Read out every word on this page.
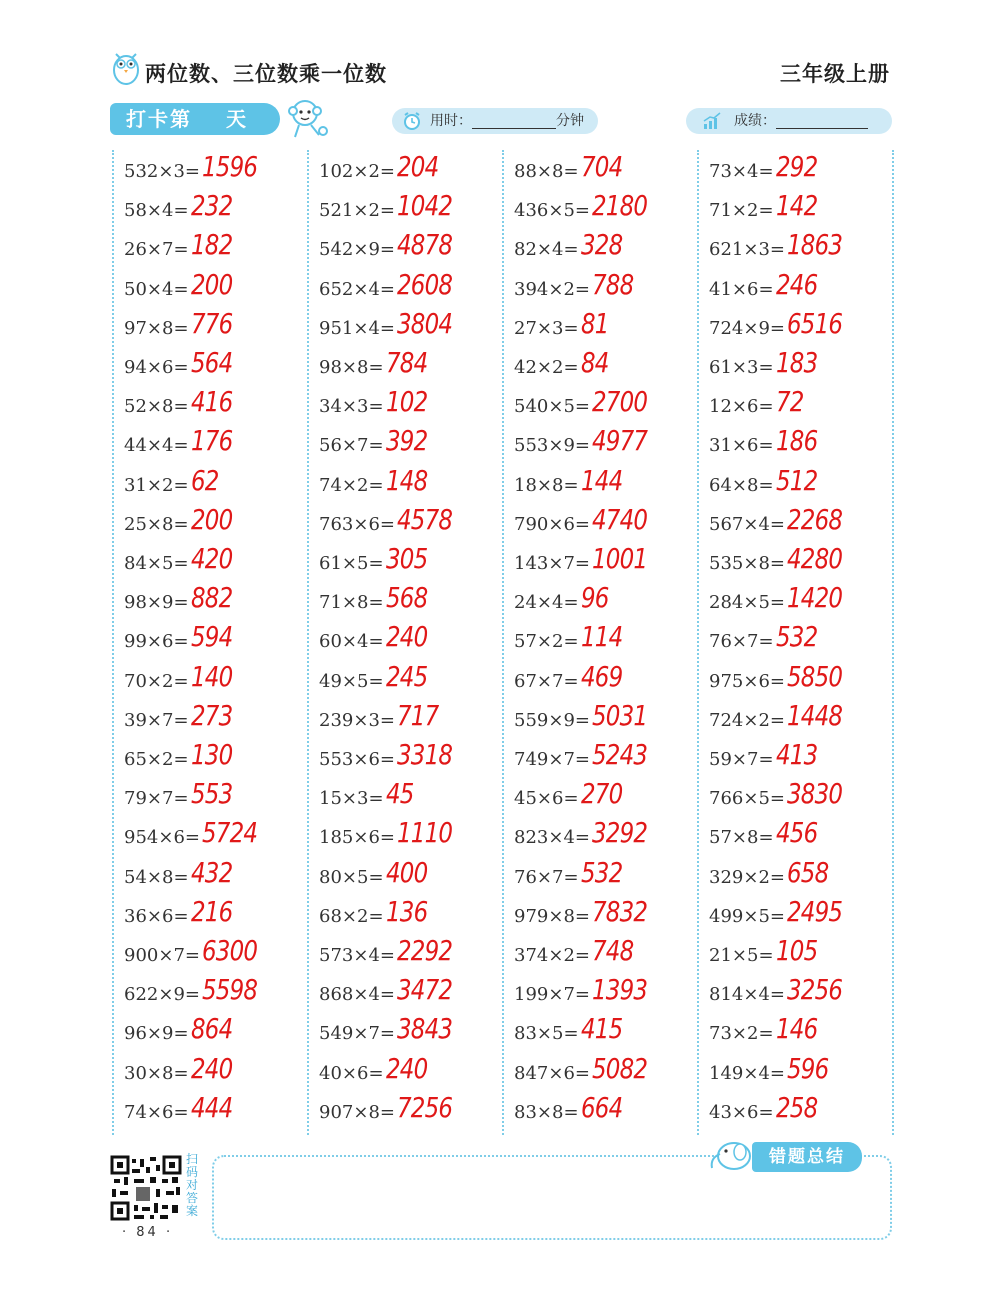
两位数、三位数乘一位数	三年级上册
打卡第 天	用时：	分钟	成绩：
532×3= 1596
58×4= 232
26×7= 182
50×4= 200
97×8= 776
94×6= 564
52×8= 416
44×4= 176
31×2= 62
25×8= 200
84×5= 420
98×9= 882
99×6= 594
70×2= 140
39×7= 273
65×2= 130
79×7= 553
954×6= 5724
54×8= 432
36×6= 216
900×7= 6300
622×9= 5598
96×9= 864
30×8= 240
74×6= 444
102×2= 204
521×2= 1042
542×9= 4878
652×4= 2608
951×4= 3804
98×8= 784
34×3= 102
56×7= 392
74×2= 148
763×6= 4578
61×5= 305
71×8= 568
60×4= 240
49×5= 245
239×3= 717
553×6= 3318
15×3= 45
185×6= 1110
80×5= 400
68×2= 136
573×4= 2292
868×4= 3472
549×7= 3843
40×6= 240
907×8= 7256
88×8= 704
436×5= 2180
82×4= 328
394×2= 788
27×3= 81
42×2= 84
540×5= 2700
553×9= 4977
18×8= 144
790×6= 4740
143×7= 1001
24×4= 96
57×2= 114
67×7= 469
559×9= 5031
749×7= 5243
45×6= 270
823×4= 3292
76×7= 532
979×8= 7832
374×2= 748
199×7= 1393
83×5= 415
847×6= 5082
83×8= 664
73×4= 292
71×2= 142
621×3= 1863
41×6= 246
724×9= 6516
61×3= 183
12×6= 72
31×6= 186
64×8= 512
567×4= 2268
535×8= 4280
284×5= 1420
76×7= 532
975×6= 5850
724×2= 1448
59×7= 413
766×5= 3830
57×8= 456
329×2= 658
499×5= 2495
21×5= 105
814×4= 3256
73×2= 146
149×4= 596
43×6= 258
错题总结
扫码对答案
· 84 ·
